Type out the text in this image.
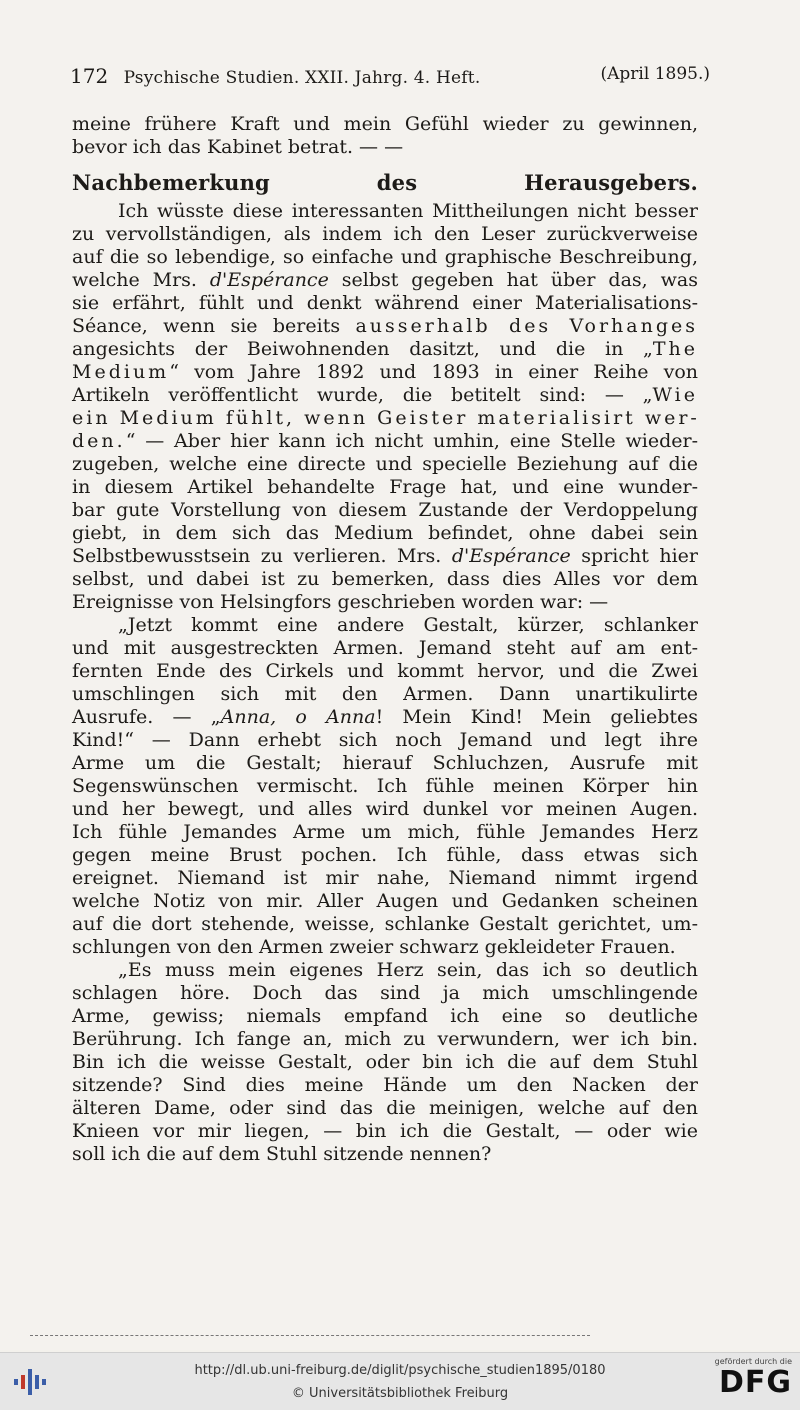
172 Psychische Studien. XXII. Jahrg. 4. Heft.	(April 1895.)
meine frühere Kraft und mein Gefühl wieder zu gewinnen,
bevor ich das Kabinet betrat. — —
Nachbemerkung des Herausgebers.
Ich wüsste diese interessanten Mittheilungen nicht besser
zu vervollständigen, als indem ich den Leser zurückverweise
auf die so lebendige, so einfache und graphische Beschreibung,
welche Mrs. d'Espérance selbst gegeben hat über das, was
sie erfährt, fühlt und denkt während einer Materialisations-
Séance, wenn sie bereits ausserhalb des Vorhanges
angesichts der Beiwohnenden dasitzt, und die in „The
Medium“ vom Jahre 1892 und 1893 in einer Reihe von
Artikeln veröffentlicht wurde, die betitelt sind: — „Wie
ein Medium fühlt, wenn Geister materialisirt wer-
den.“ — Aber hier kann ich nicht umhin, eine Stelle wieder-
zugeben, welche eine directe und specielle Beziehung auf die
in diesem Artikel behandelte Frage hat, und eine wunder-
bar gute Vorstellung von diesem Zustande der Verdoppelung
giebt, in dem sich das Medium befindet, ohne dabei sein
Selbstbewusstsein zu verlieren. Mrs. d'Espérance spricht hier
selbst, und dabei ist zu bemerken, dass dies Alles vor dem
Ereignisse von Helsingfors geschrieben worden war: —
„Jetzt kommt eine andere Gestalt, kürzer, schlanker
und mit ausgestreckten Armen. Jemand steht auf am ent-
fernten Ende des Cirkels und kommt hervor, und die Zwei
umschlingen sich mit den Armen. Dann unartikulirte
Ausrufe. — „Anna, o Anna! Mein Kind! Mein geliebtes
Kind!“ — Dann erhebt sich noch Jemand und legt ihre
Arme um die Gestalt; hierauf Schluchzen, Ausrufe mit
Segenswünschen vermischt. Ich fühle meinen Körper hin
und her bewegt, und alles wird dunkel vor meinen Augen.
Ich fühle Jemandes Arme um mich, fühle Jemandes Herz
gegen meine Brust pochen. Ich fühle, dass etwas sich
ereignet. Niemand ist mir nahe, Niemand nimmt irgend
welche Notiz von mir. Aller Augen und Gedanken scheinen
auf die dort stehende, weisse, schlanke Gestalt gerichtet, um-
schlungen von den Armen zweier schwarz gekleideter Frauen.
„Es muss mein eigenes Herz sein, das ich so deutlich
schlagen höre. Doch das sind ja mich umschlingende
Arme, gewiss; niemals empfand ich eine so deutliche
Berührung. Ich fange an, mich zu verwundern, wer ich bin.
Bin ich die weisse Gestalt, oder bin ich die auf dem Stuhl
sitzende? Sind dies meine Hände um den Nacken der
älteren Dame, oder sind das die meinigen, welche auf den
Knieen vor mir liegen, — bin ich die Gestalt, — oder wie
soll ich die auf dem Stuhl sitzende nennen?
http://dl.ub.uni-freiburg.de/diglit/psychische_studien1895/0180
© Universitätsbibliothek Freiburg
gefördert durch die
DFG
